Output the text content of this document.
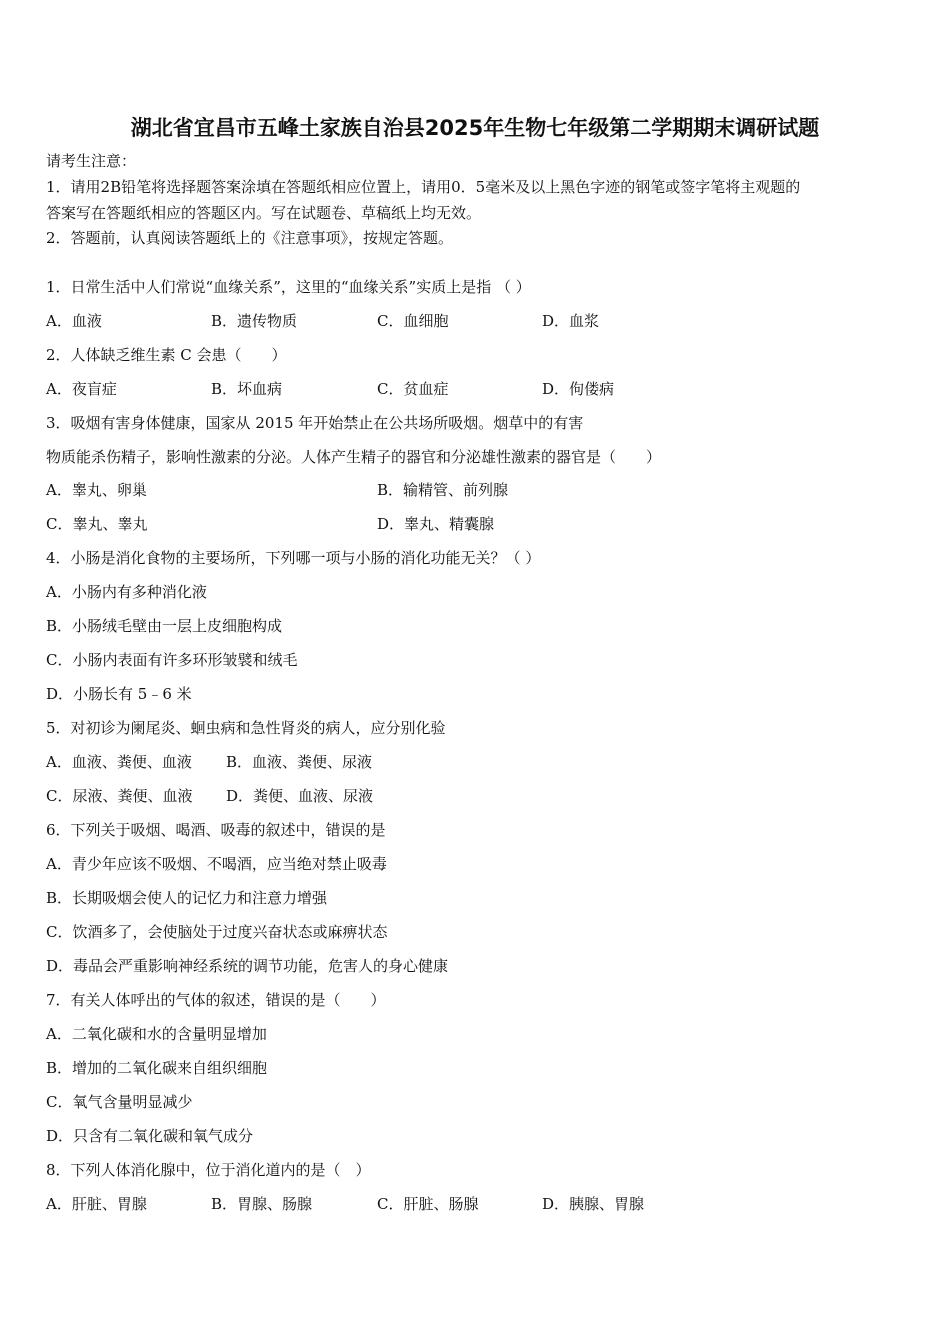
湖北省宜昌市五峰土家族自治县2025年生物七年级第二学期期末调研试题
请考生注意：
1．请用2B铅笔将选择题答案涂填在答题纸相应位置上，请用0．5毫米及以上黑色字迹的钢笔或签字笔将主观题的
答案写在答题纸相应的答题区内。写在试题卷、草稿纸上均无效。
2．答题前，认真阅读答题纸上的《注意事项》，按规定答题。
1．日常生活中人们常说“血缘关系”，这里的“血缘关系”实质上是指 （ ）
A．血液	B．遗传物质	C．血细胞	D．血浆
2．人体缺乏维生素 C 会患（　　）
A．夜盲症	B．坏血病	C．贫血症	D．佝偻病
3．吸烟有害身体健康，国家从 2015 年开始禁止在公共场所吸烟。烟草中的有害
物质能杀伤精子，影响性激素的分泌。人体产生精子的器官和分泌雄性激素的器官是（　　）
A．睾丸、卵巢	B．输精管、前列腺
C．睾丸、睾丸	D．睾丸、精囊腺
4．小肠是消化食物的主要场所，下列哪一项与小肠的消化功能无关？（ ）
A．小肠内有多种消化液
B．小肠绒毛壁由一层上皮细胞构成
C．小肠内表面有许多环形皱襞和绒毛
D．小肠长有 5﹣6 米
5．对初诊为阑尾炎、蛔虫病和急性肾炎的病人，应分别化验
A．血液、粪便、血液 B．血液、粪便、尿液
C．尿液、粪便、血液 D．粪便、血液、尿液
6．下列关于吸烟、喝酒、吸毒的叙述中，错误的是
A．青少年应该不吸烟、不喝酒，应当绝对禁止吸毒
B．长期吸烟会使人的记忆力和注意力增强
C．饮酒多了，会使脑处于过度兴奋状态或麻痹状态
D．毒品会严重影响神经系统的调节功能，危害人的身心健康
7．有关人体呼出的气体的叙述，错误的是（　　）
A．二氧化碳和水的含量明显增加
B．增加的二氧化碳来自组织细胞
C．氧气含量明显减少
D．只含有二氧化碳和氧气成分
8．下列人体消化腺中，位于消化道内的是（　）
A．肝脏、胃腺	B．胃腺、肠腺	C．肝脏、肠腺	D．胰腺、胃腺
